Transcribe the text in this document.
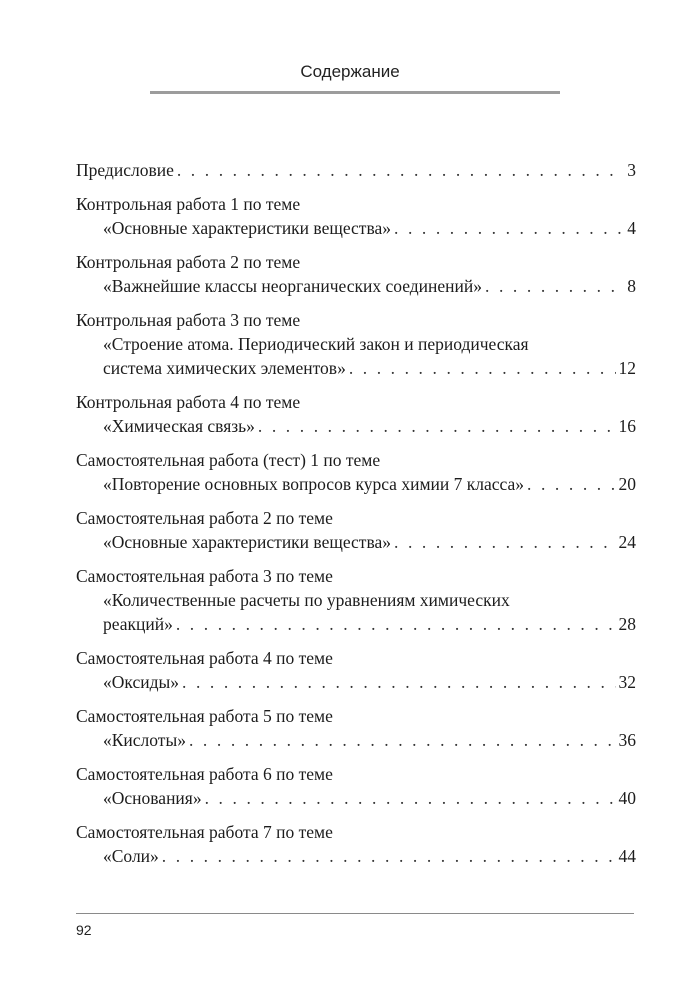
Содержание
Предисловие . . .	3
Контрольная работа 1 по теме
«Основные характеристики вещества» . . .	4
Контрольная работа 2 по теме
«Важнейшие классы неорганических соединений» . . .	8
Контрольная работа 3 по теме
«Строение атома. Периодический закон и периодическая
система химических элементов» . . .	12
Контрольная работа 4 по теме
«Химическая связь» . . .	16
Самостоятельная работа (тест) 1 по теме
«Повторение основных вопросов курса химии 7 класса» . . .	20
Самостоятельная работа 2 по теме
«Основные характеристики вещества» . . .	24
Самостоятельная работа 3 по теме
«Количественные расчеты по уравнениям химических
реакций» . . .	28
Самостоятельная работа 4 по теме
«Оксиды» . . .	32
Самостоятельная работа 5 по теме
«Кислоты» . . .	36
Самостоятельная работа 6 по теме
«Основания» . . .	40
Самостоятельная работа 7 по теме
«Соли» . . .	44
92
